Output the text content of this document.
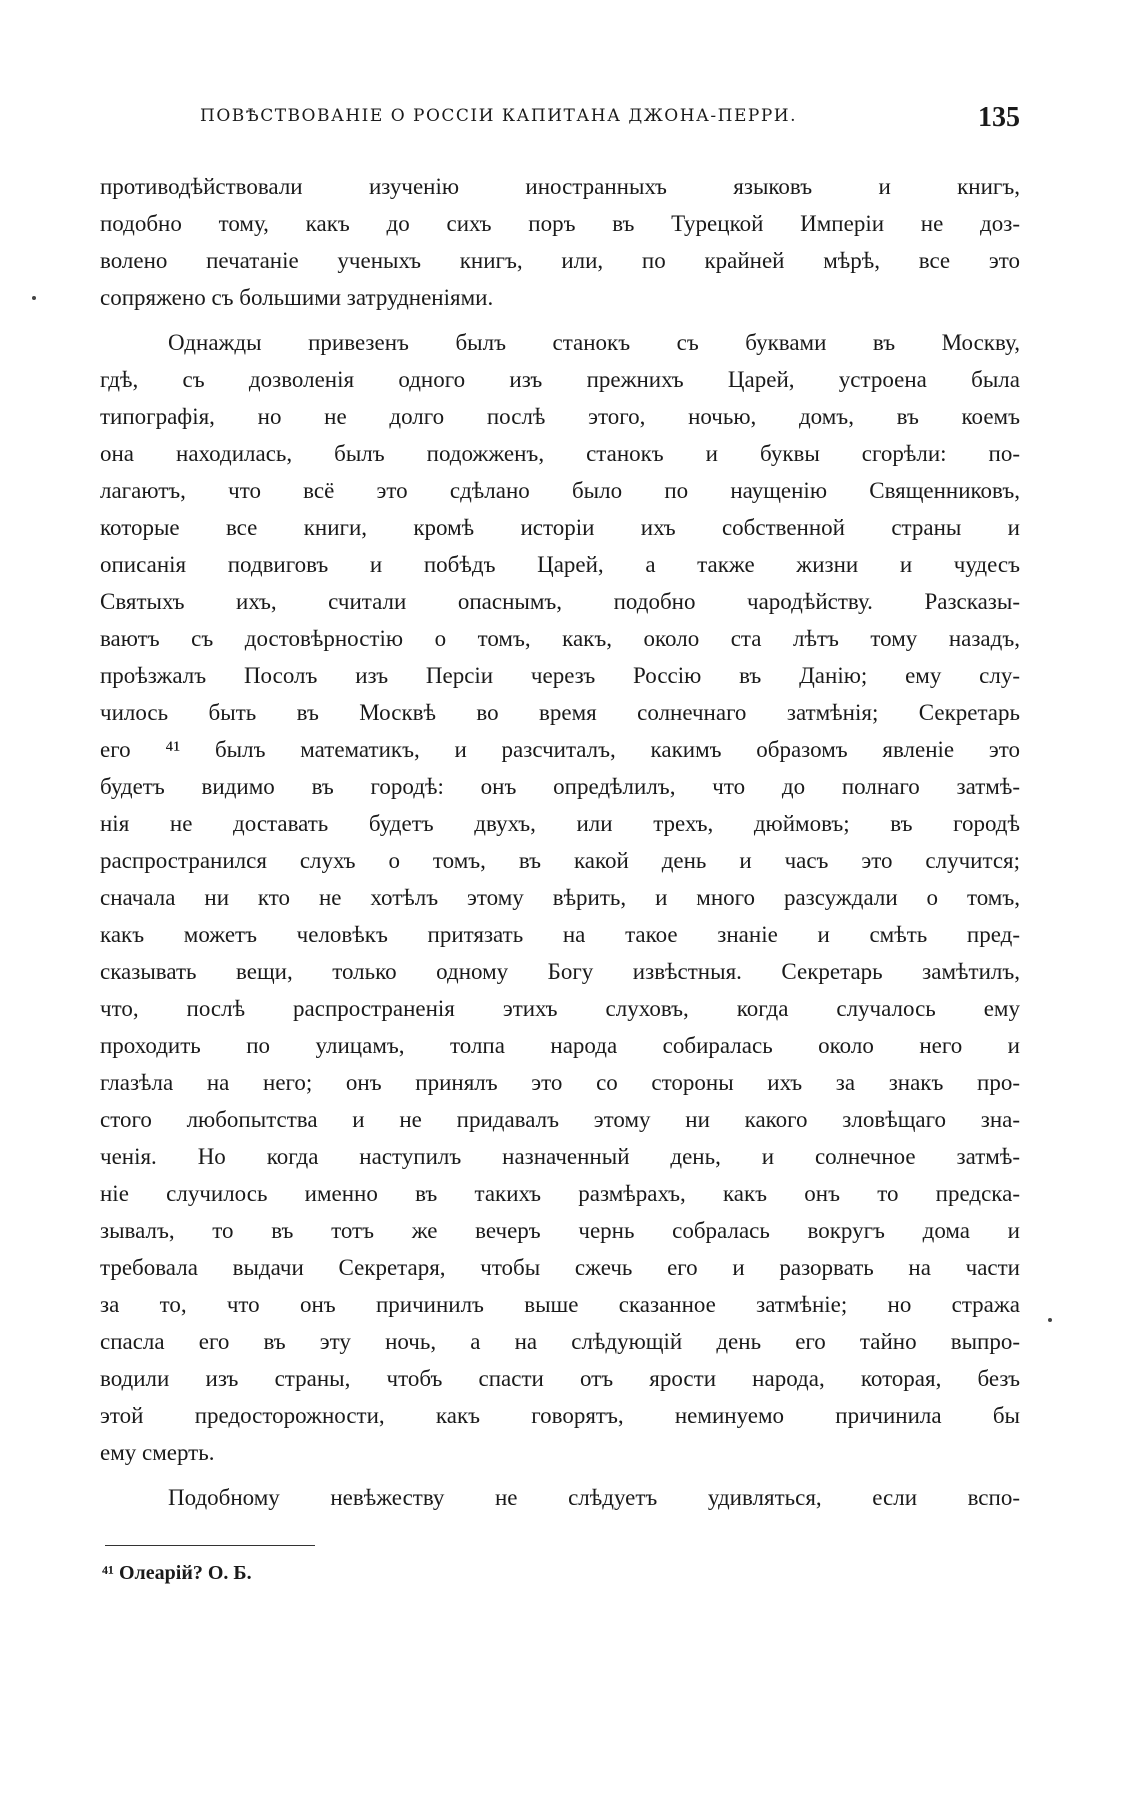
ПОВѢСТВОВАНІЕ О РОССІИ КАПИТАНА ДЖОНА-ПЕРРИ.	135
противодѣйствовали изученію иностранныхъ языковъ и книгъ,
подобно тому, какъ до сихъ поръ въ Турецкой Имперіи не доз-
волено печатаніе ученыхъ книгъ, или, по крайней мѣрѣ, все это
сопряжено съ большими затрудненіями.
Однажды привезенъ былъ станокъ съ буквами въ Москву,
гдѣ, съ дозволенія одного изъ прежнихъ Царей, устроена была
типографія, но не долго послѣ этого, ночью, домъ, въ коемъ
она находилась, былъ подожженъ, станокъ и буквы сгорѣли: по-
лагаютъ, что всё это сдѣлано было по наущенію Священниковъ,
которые все книги, кромѣ исторіи ихъ собственной страны и
описанія подвиговъ и побѣдъ Царей, а также жизни и чудесъ
Святыхъ ихъ, считали опаснымъ, подобно чародѣйству. Разсказы-
ваютъ съ достовѣрностію о томъ, какъ, около ста лѣтъ тому назадъ,
проѣзжалъ Посолъ изъ Персіи черезъ Россію въ Данію; ему слу-
чилось быть въ Москвѣ во время солнечнаго затмѣнія; Секретарь
его ⁴¹ былъ математикъ, и разсчиталъ, какимъ образомъ явленіе это
будетъ видимо въ городѣ: онъ опредѣлилъ, что до полнаго затмѣ-
нія не доставать будетъ двухъ, или трехъ, дюймовъ; въ городѣ
распространился слухъ о томъ, въ какой день и часъ это случится;
сначала ни кто не хотѣлъ этому вѣрить, и много разсуждали о томъ,
какъ можетъ человѣкъ притязать на такое знаніе и смѣть пред-
сказывать вещи, только одному Богу извѣстныя. Секретарь замѣтилъ,
что, послѣ распространенія этихъ слуховъ, когда случалось ему
проходить по улицамъ, толпа народа собиралась около него и
глазѣла на него; онъ принялъ это со стороны ихъ за знакъ про-
стого любопытства и не придавалъ этому ни какого зловѣщаго зна-
ченія. Но когда наступилъ назначенный день, и солнечное затмѣ-
ніе случилось именно въ такихъ размѣрахъ, какъ онъ то предска-
зывалъ, то въ тотъ же вечеръ чернь собралась вокругъ дома и
требовала выдачи Секретаря, чтобы сжечь его и разорвать на части
за то, что онъ причинилъ выше сказанное затмѣніе; но стража
спасла его въ эту ночь, а на слѣдующій день его тайно выпро-
водили изъ страны, чтобъ спасти отъ ярости народа, которая, безъ
этой предосторожности, какъ говорятъ, неминуемо причинила бы
ему смерть.
Подобному невѣжеству не слѣдуетъ удивляться, если вспо-
⁴¹ Олеарій? О. Б.
